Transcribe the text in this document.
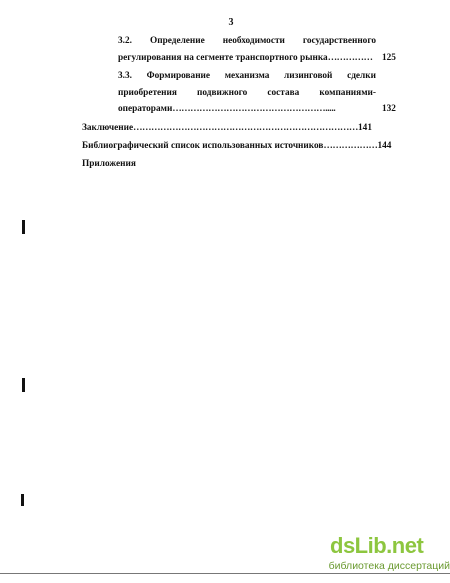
3
3.2. Определение необходимости государственного
регулирования на сегменте транспортного рынка…………… 125
3.3. Формирование механизма лизинговой сделки
приобретения подвижного состава компаниями-
операторами…………………………………………….....	132
Заключение…………………………………………………………………141
Библиографический список использованных источников………………144
Приложения
dsLib.net
библиотека диссертаций
